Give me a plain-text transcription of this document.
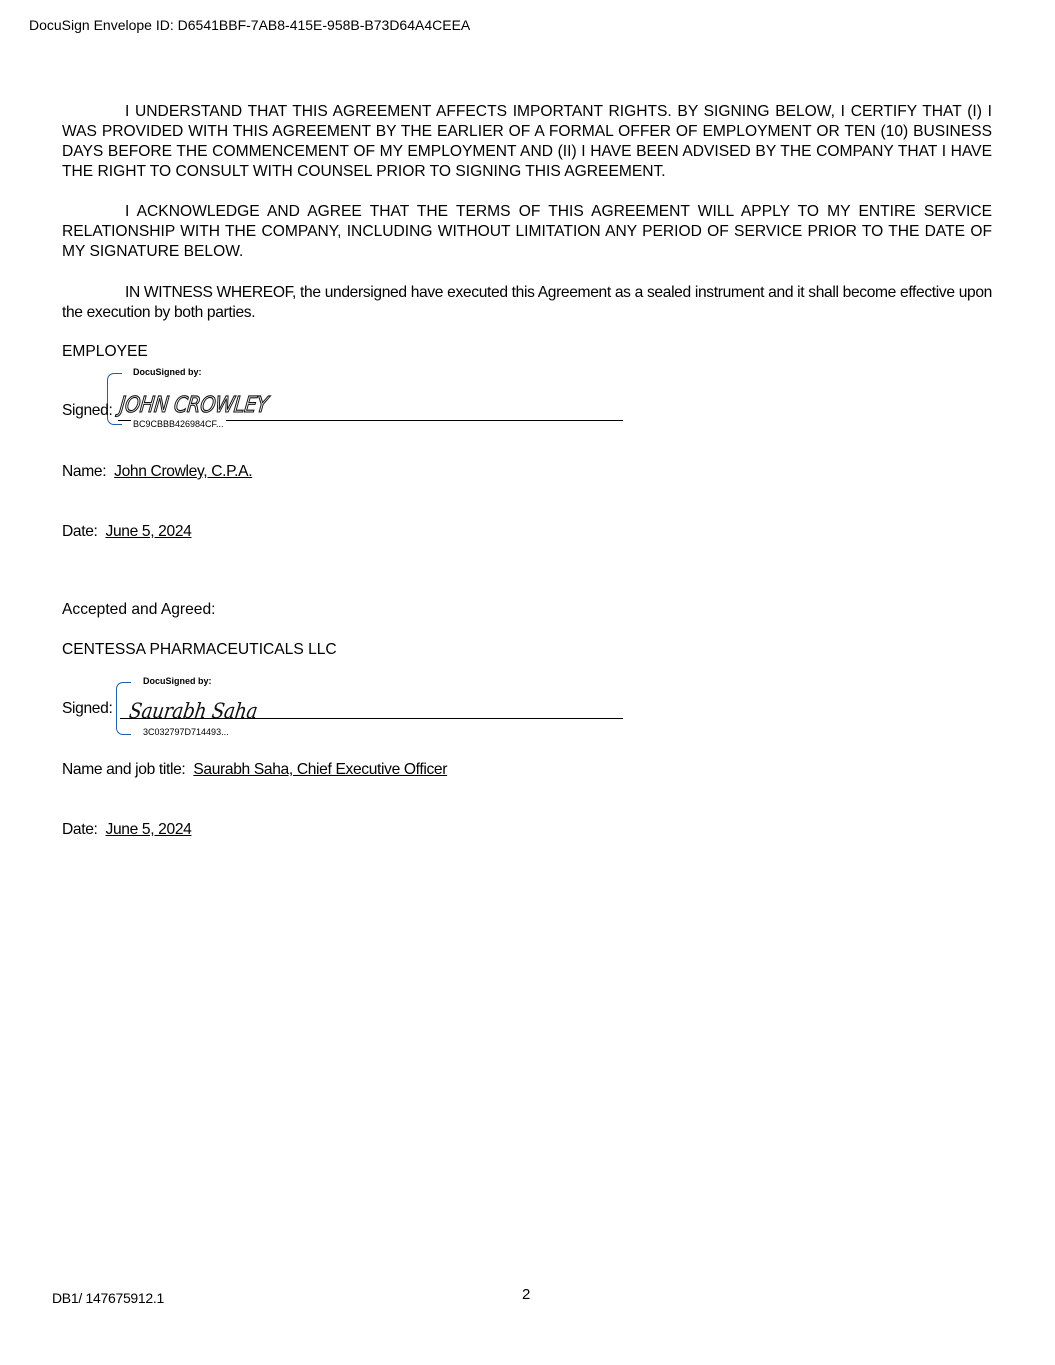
DocuSign Envelope ID: D6541BBF-7AB8-415E-958B-B73D64A4CEEA

I UNDERSTAND THAT THIS AGREEMENT AFFECTS IMPORTANT RIGHTS. BY SIGNING BELOW, I CERTIFY THAT (I) I WAS PROVIDED WITH THIS AGREEMENT BY THE EARLIER OF A FORMAL OFFER OF EMPLOYMENT OR TEN (10) BUSINESS DAYS BEFORE THE COMMENCEMENT OF MY EMPLOYMENT AND (II) I HAVE BEEN ADVISED BY THE COMPANY THAT I HAVE THE RIGHT TO CONSULT WITH COUNSEL PRIOR TO SIGNING THIS AGREEMENT.

I ACKNOWLEDGE AND AGREE THAT THE TERMS OF THIS AGREEMENT WILL APPLY TO MY ENTIRE SERVICE RELATIONSHIP WITH THE COMPANY, INCLUDING WITHOUT LIMITATION ANY PERIOD OF SERVICE PRIOR TO THE DATE OF MY SIGNATURE BELOW.

IN WITNESS WHEREOF, the undersigned have executed this Agreement as a sealed instrument and it shall become effective upon the execution by both parties.

EMPLOYEE
DocuSigned by:
Signed: JOHN CROWLEY
BC9CBBB426984CF...
Name: John Crowley, C.P.A.
Date: June 5, 2024
Accepted and Agreed:
CENTESSA PHARMACEUTICALS LLC
DocuSigned by:
Signed: Saurabh Saha
3C032797D714493...
Name and job title: Saurabh Saha, Chief Executive Officer
Date: June 5, 2024
DB1/ 147675912.1	2
